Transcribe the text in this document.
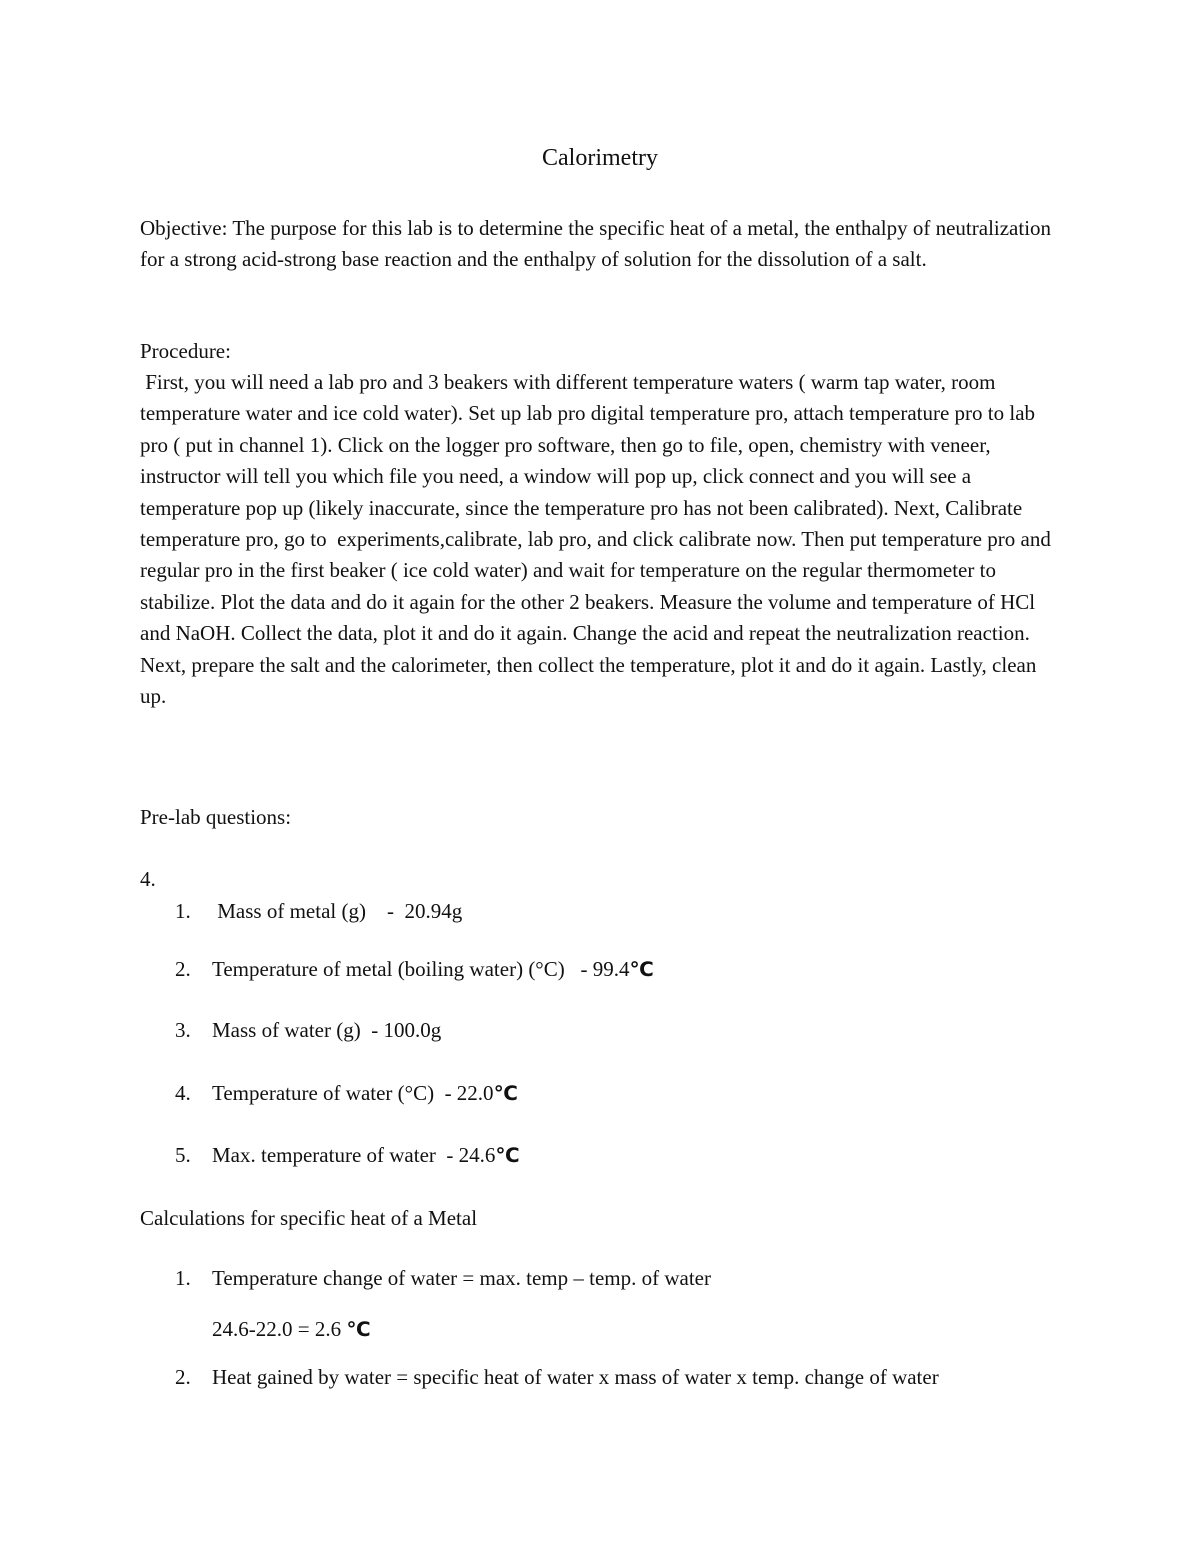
Calorimetry

Objective: The purpose for this lab is to determine the specific heat of a metal, the enthalpy of neutralization for a strong acid-strong base reaction and the enthalpy of solution for the dissolution of a salt.

Procedure:

First, you will need a lab pro and 3 beakers with different temperature waters ( warm tap water, room temperature water and ice cold water). Set up lab pro digital temperature pro, attach temperature pro to lab pro ( put in channel 1). Click on the logger pro software, then go to file, open, chemistry with veneer, instructor will tell you which file you need, a window will pop up, click connect and you will see a temperature pop up (likely inaccurate, since the temperature pro has not been calibrated). Next, Calibrate temperature pro, go to  experiments,calibrate, lab pro, and click calibrate now. Then put temperature pro and regular pro in the first beaker ( ice cold water) and wait for temperature on the regular thermometer to stabilize. Plot the data and do it again for the other 2 beakers. Measure the volume and temperature of HCl and NaOH. Collect the data, plot it and do it again. Change the acid and repeat the neutralization reaction. Next, prepare the salt and the calorimeter, then collect the temperature, plot it and do it again. Lastly, clean up.

Pre-lab questions:

4.

1.	Mass of metal (g)    -  20.94g
2.	Temperature of metal (boiling water) (°C)   - 99.4℃
3.	Mass of water (g)  - 100.0g
4.	Temperature of water (°C)  - 22.0℃
5.	Max. temperature of water  - 24.6℃

Calculations for specific heat of a Metal

1.	Temperature change of water = max. temp – temp. of water
24.6-22.0 = 2.6 ℃
2.	Heat gained by water = specific heat of water x mass of water x temp. change of water
